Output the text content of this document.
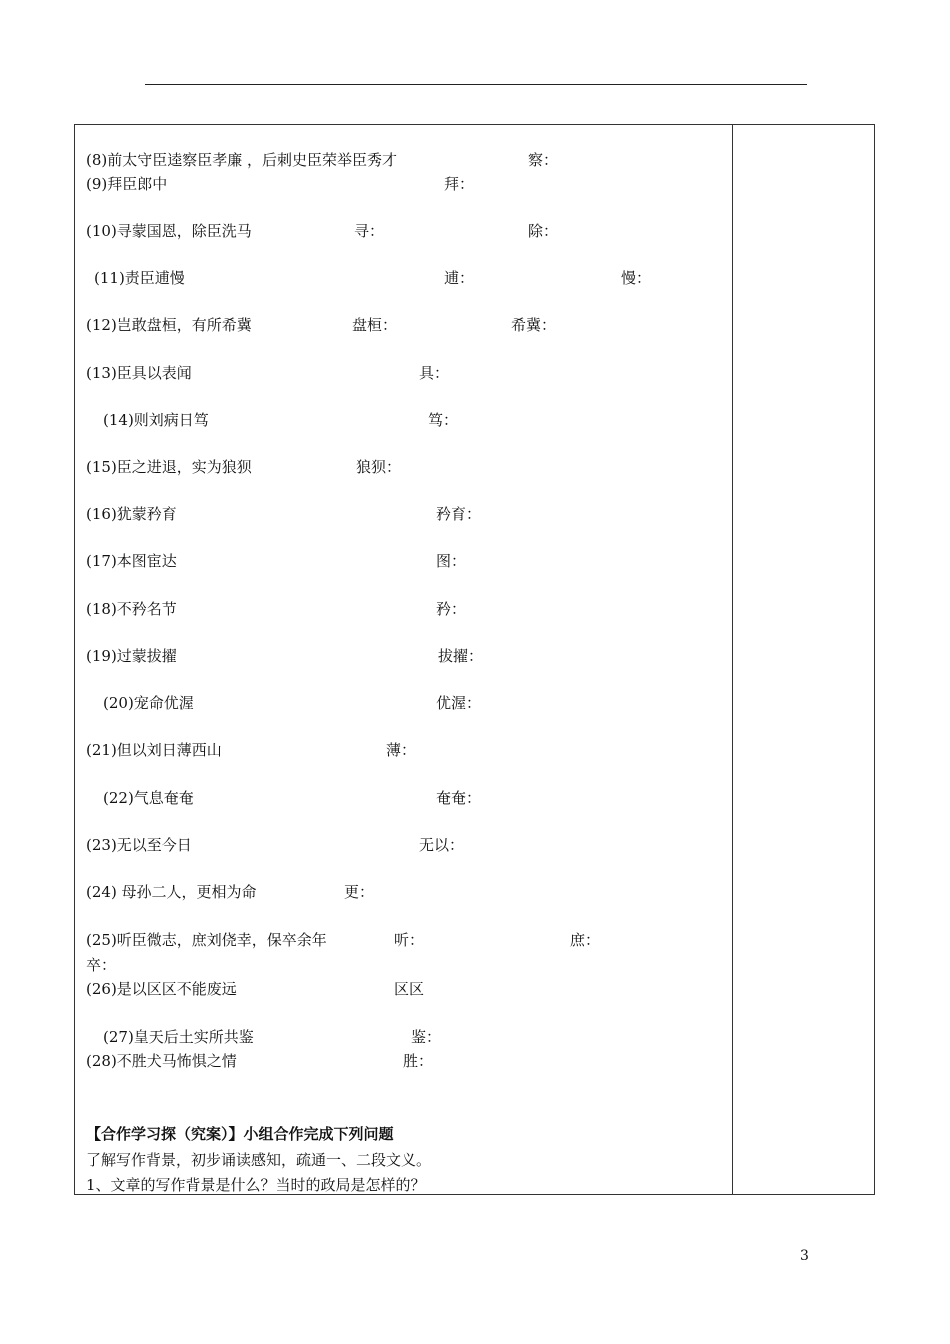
(8)前太守臣逵察臣孝廉 ，后刺史臣荣举臣秀才	察：
(9)拜臣郎中	拜：
(10)寻蒙国恩，除臣洗马	寻：	除：
(11)责臣逋慢	逋：	慢：
(12)岂敢盘桓，有所希冀	盘桓：	希冀：
(13)臣具以表闻	具：
(14)则刘病日笃	笃：
(15)臣之进退，实为狼狈	狼狈：
(16)犹蒙矜育	矜育：
(17)本图宦达	图：
(18)不矜名节	矜：
(19)过蒙拔擢	拔擢：
(20)宠命优渥	优渥：
(21)但以刘日薄西山	薄：
(22)气息奄奄	奄奄：
(23)无以至今日	无以：
(24) 母孙二人，更相为命	更：
(25)听臣微志，庶刘侥幸，保卒余年	听：	庶：
卒：
(26)是以区区不能废远	区区
(27)皇天后土实所共鉴	鉴：
(28)不胜犬马怖惧之情	胜：
【合作学习探（究案）】小组合作完成下列问题
了解写作背景，初步诵读感知，疏通一、二段文义。
1、文章的写作背景是什么？当时的政局是怎样的？
3
